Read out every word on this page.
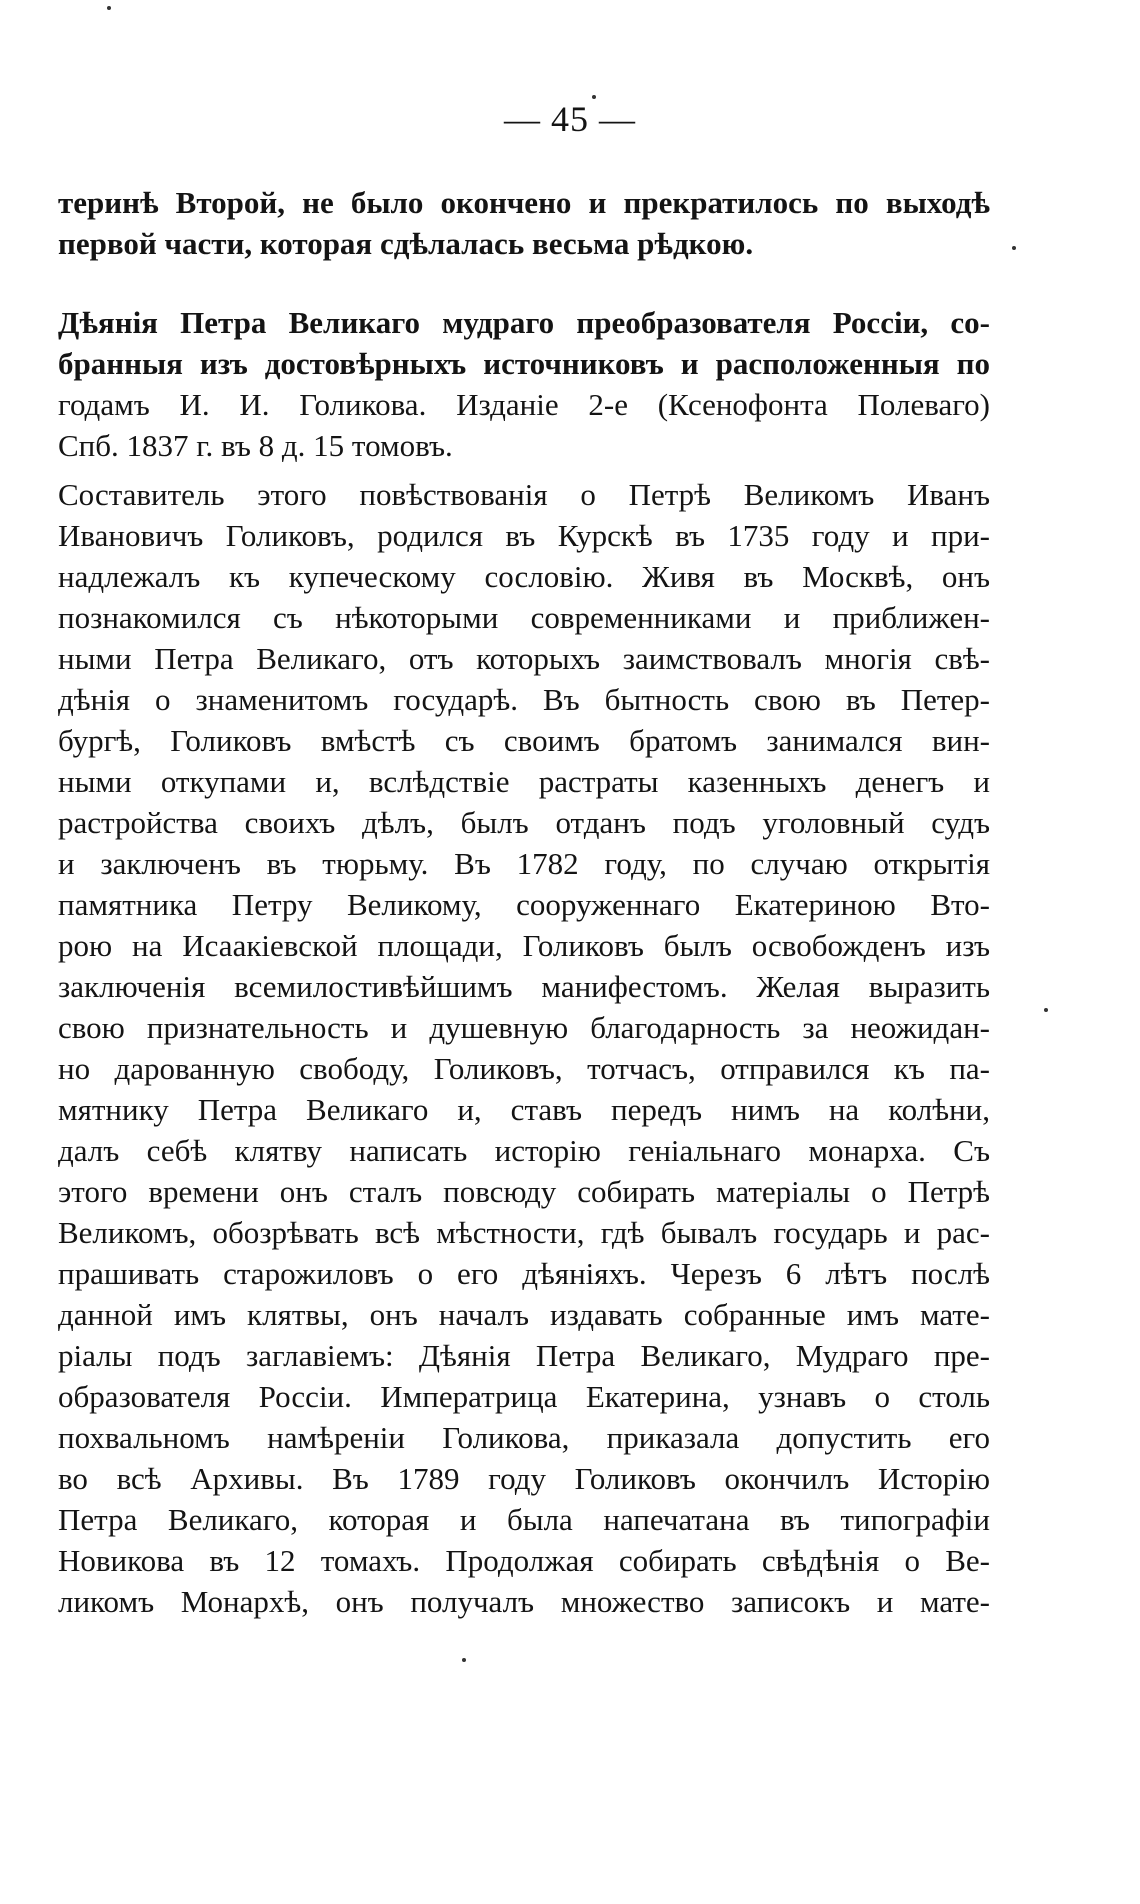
— 45 —
теринѣ Второй, не было окончено и прекратилось по выходѣ
первой части, которая сдѣлалась весьма рѣдкою.
Дѣянія Петра Великаго мудраго преобразователя Россіи, со-
бранныя изъ достовѣрныхъ источниковъ и расположенныя по
годамъ И. И. Голикова. Изданіе 2-е (Ксенофонта Полеваго)
Спб. 1837 г. въ 8 д. 15 томовъ.
Составитель этого повѣствованія о Петрѣ Великомъ Иванъ
Ивановичъ Голиковъ, родился въ Курскѣ въ 1735 году и при-
надлежалъ къ купеческому сословію. Живя въ Москвѣ, онъ
познакомился съ нѣкоторыми современниками и приближен-
ными Петра Великаго, отъ которыхъ заимствовалъ многія свѣ-
дѣнія о знаменитомъ государѣ. Въ бытность свою въ Петер-
бургѣ, Голиковъ вмѣстѣ съ своимъ братомъ занимался вин-
ными откупами и, вслѣдствіе растраты казенныхъ денегъ и
растройства своихъ дѣлъ, былъ отданъ подъ уголовный судъ
и заключенъ въ тюрьму. Въ 1782 году, по случаю открытія
памятника Петру Великому, сооруженнаго Екатериною Вто-
рою на Исаакіевской площади, Голиковъ былъ освобожденъ изъ
заключенія всемилостивѣйшимъ манифестомъ. Желая выразить
свою признательность и душевную благодарность за неожидан-
но дарованную свободу, Голиковъ, тотчасъ, отправился къ па-
мятнику Петра Великаго и, ставъ передъ нимъ на колѣни,
далъ себѣ клятву написать исторію геніальнаго монарха. Съ
этого времени онъ сталъ повсюду собирать матеріалы о Петрѣ
Великомъ, обозрѣвать всѣ мѣстности, гдѣ бывалъ государь и рас-
прашивать старожиловъ о его дѣяніяхъ. Черезъ 6 лѣтъ послѣ
данной имъ клятвы, онъ началъ издавать собранные имъ мате-
ріалы подъ заглавіемъ: Дѣянія Петра Великаго, Мудраго пре-
образователя Россіи. Императрица Екатерина, узнавъ о столь
похвальномъ намѣреніи Голикова, приказала допустить его
во всѣ Архивы. Въ 1789 году Голиковъ окончилъ Исторію
Петра Великаго, которая и была напечатана въ типографіи
Новикова въ 12 томахъ. Продолжая собирать свѣдѣнія о Ве-
ликомъ Монархѣ, онъ получалъ множество записокъ и мате-
